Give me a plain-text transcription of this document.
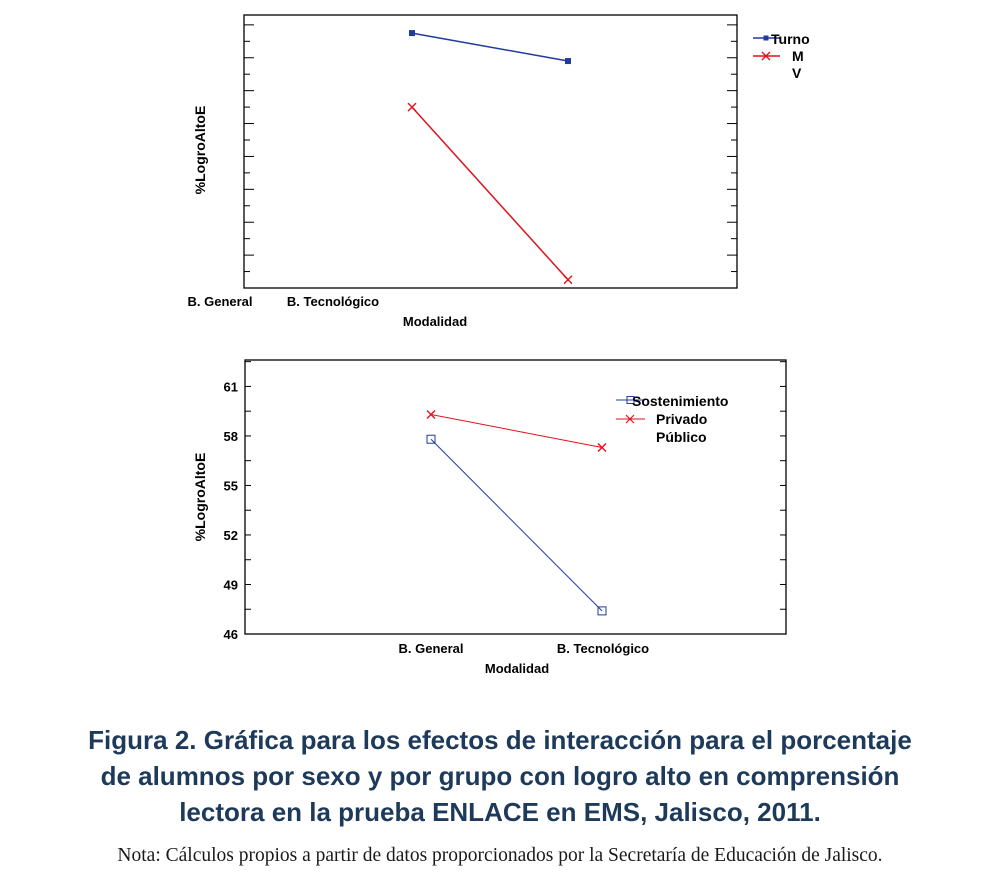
%LogroAltoE
B. General	B. Tecnológico
Modalidad
Turno
M
V
46
49
52
55
58
61
%LogroAltoE
B. General	B. Tecnológico
Modalidad
Sostenimiento
Privado
Público
Figura 2. Gráfica para los efectos de interacción para el porcentaje
de alumnos por sexo y por grupo con logro alto en comprensión
lectora en la prueba ENLACE en EMS, Jalisco, 2011.
Nota: Cálculos propios a partir de datos proporcionados por la Secretaría de Educación de Jalisco.
